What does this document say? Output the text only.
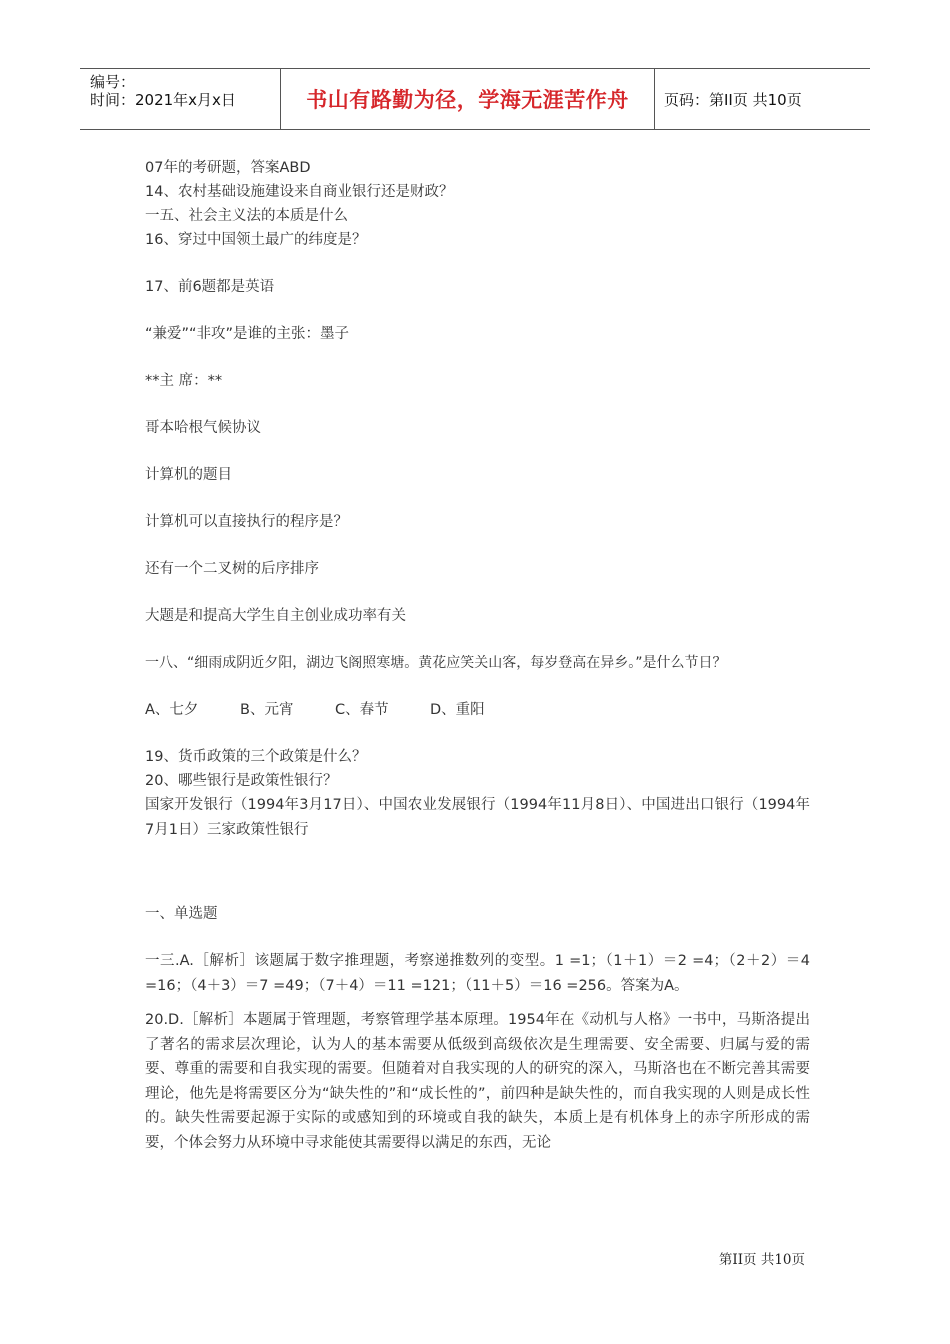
编号：
时间：2021年x月x日	书山有路勤为径，学海无涯苦作舟 页码：第II页 共10页

07年的考研题，答案ABD

14、农村基础设施建设来自商业银行还是财政？

一五、社会主义法的本质是什么

16、穿过中国领土最广的纬度是？

17、前6题都是英语

“兼爱”“非攻”是谁的主张：墨子

**主 席：**

哥本哈根气候协议

计算机的题目

计算机可以直接执行的程序是？

还有一个二叉树的后序排序

大题是和提高大学生自主创业成功率有关

一八、“细雨成阴近夕阳，湖边飞阁照寒塘。黄花应笑关山客，每岁登高在异乡。”是什么节日？

A、七夕	B、元宵	C、春节	D、重阳

19、货币政策的三个政策是什么？

20、哪些银行是政策性银行？

国家开发银行（1994年3月17日）、中国农业发展银行（1994年11月8日）、中国进出口银行（1994年7月1日）三家政策性银行

一、单选题

一三.A.［解析］该题属于数字推理题，考察递推数列的变型。1 =1；（1＋1）＝2 =4；（2＋2）＝4 =16；（4＋3）＝7 =49；（7＋4）＝11 =121；（11＋5）＝16 =256。答案为A。

20.D.［解析］本题属于管理题，考察管理学基本原理。1954年在《动机与人格》一书中，马斯洛提出了著名的需求层次理论，认为人的基本需要从低级到高级依次是生理需要、安全需要、归属与爱的需要、尊重的需要和自我实现的需要。但随着对自我实现的人的研究的深入，马斯洛也在不断完善其需要理论，他先是将需要区分为“缺失性的”和“成长性的”，前四种是缺失性的，而自我实现的人则是成长性的。缺失性需要起源于实际的或感知到的环境或自我的缺失，本质上是有机体身上的赤字所形成的需要，个体会努力从环境中寻求能使其需要得以满足的东西，无论

第II页 共10页
